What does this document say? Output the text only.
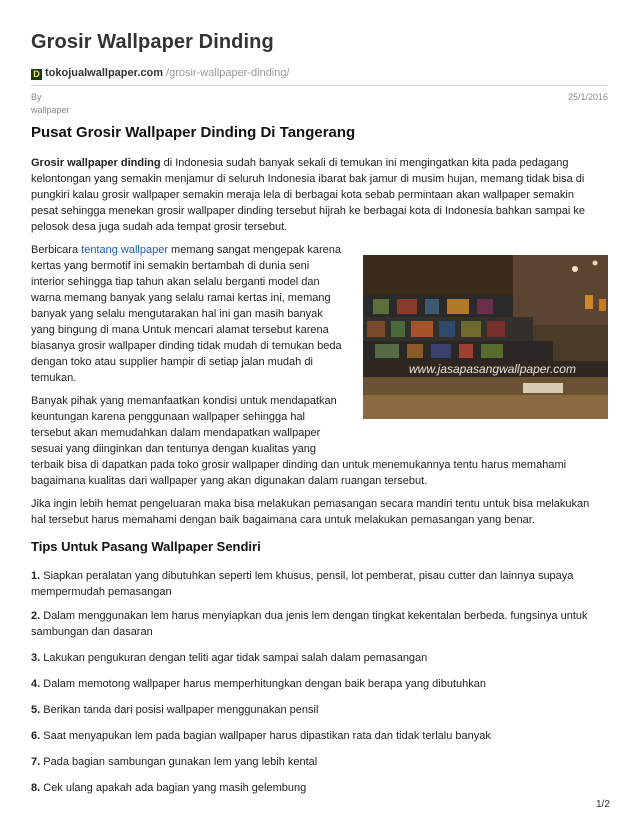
Grosir Wallpaper Dinding
D tokojualwallpaper.com /grosir-wallpaper-dinding/
By
wallpaper
25/1/2016
Pusat Grosir Wallpaper Dinding Di Tangerang

Grosir wallpaper dinding di Indonesia sudah banyak sekali di temukan ini mengingatkan kita pada pedagang

kelontongan yang semakin menjamur di seluruh Indonesia ibarat bak jamur di musim hujan, memang tidak bisa di

pungkiri kalau grosir wallpaper semakin meraja lela di berbagai kota sebab permintaan akan wallpaper semakin

pesat sehingga menekan grosir wallpaper dinding tersebut hijrah ke berbagai kota di Indonesia bahkan sampai ke

pelosok desa juga sudah ada tempat grosir tersebut.

Berbicara tentang wallpaper memang sangat mengepak karena

kertas yang bermotif ini semakin bertambah di dunia seni

interior sehingga tiap tahun akan selalu berganti model dan

warna memang banyak yang selalu ramai kertas ini, memang

banyak yang selalu mengutarakan hal ini gan masih banyak

yang bingung di mana Untuk mencari alamat tersebut karena

biasanya grosir wallpaper dinding tidak mudah di temukan beda

dengan toko atau supplier hampir di setiap jalan mudah di

temukan.

www.jasapasangwallpaper.com

Banyak pihak yang memanfaatkan kondisi untuk mendapatkan

keuntungan karena penggunaan wallpaper sehingga hal

tersebut akan memudahkan dalam mendapatkan wallpaper

sesuai yang diinginkan dan tentunya dengan kualitas yang

terbaik bisa di dapatkan pada toko grosir wallpaper dinding dan untuk menemukannya tentu harus memahami

bagaimana kualitas dari wallpaper yang akan digunakan dalam ruangan tersebut.

Jika ingin lebih hemat pengeluaran maka bisa melakukan pemasangan secara mandiri tentu untuk bisa melakukan

hal tersebut harus memahami dengan baik bagaimana cara untuk melakukan pemasangan yang benar.

Tips Untuk Pasang Wallpaper Sendiri

1. Siapkan peralatan yang dibutuhkan seperti lem khusus, pensil, lot pemberat, pisau cutter dan lainnya supaya

mempermudah pemasangan

2. Dalam menggunakan lem harus menyiapkan dua jenis lem dengan tingkat kekentalan berbeda. fungsinya untuk

sambungan dan dasaran

3. Lakukan pengukuran dengan teliti agar tidak sampai salah dalam pemasangan

4. Dalam memotong wallpaper harus memperhitungkan dengan baik berapa yang dibutuhkan

5. Berikan tanda dari posisi wallpaper menggunakan pensil

6. Saat menyapukan lem pada bagian wallpaper harus dipastikan rata dan tidak terlalu banyak

7. Pada bagian sambungan gunakan lem yang lebih kental

8. Cek ulang apakah ada bagian yang masih gelembung

1/2
